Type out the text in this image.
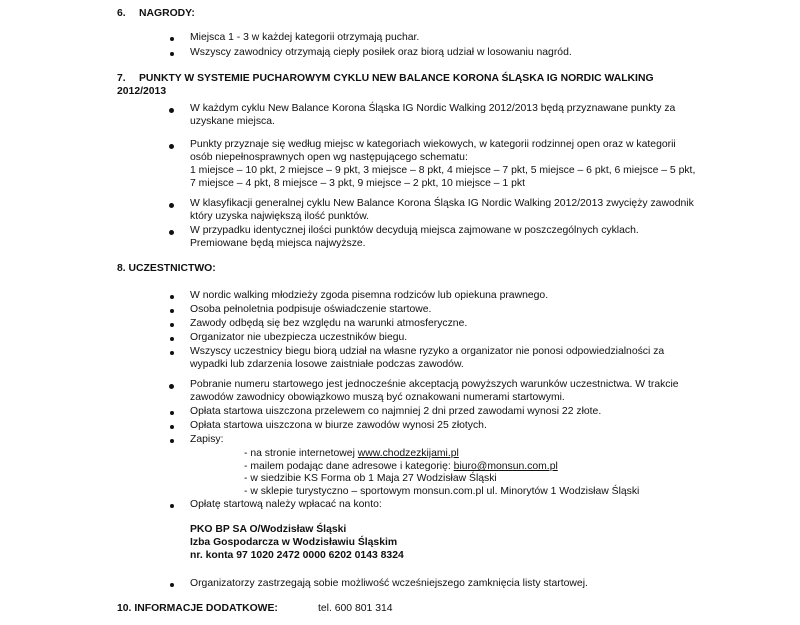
6. NAGRODY:
Miejsca 1 - 3 w każdej kategorii otrzymają puchar.
Wszyscy zawodnicy otrzymają ciepły posiłek oraz biorą udział w losowaniu nagród.
7. PUNKTY W SYSTEMIE PUCHAROWYM CYKLU NEW BALANCE KORONA ŚLĄSKA IG NORDIC WALKING
2012/2013
W każdym cyklu New Balance Korona Śląska IG Nordic Walking 2012/2013 będą przyznawane punkty za
uzyskane miejsca.
Punkty przyznaje się według miejsc w kategoriach wiekowych, w kategorii rodzinnej open oraz w kategorii
osób niepełnosprawnych open wg następującego schematu:
1 miejsce – 10 pkt, 2 miejsce – 9 pkt, 3 miejsce – 8 pkt, 4 miejsce – 7 pkt, 5 miejsce – 6 pkt, 6 miejsce – 5 pkt,
7 miejsce – 4 pkt, 8 miejsce – 3 pkt, 9 miejsce – 2 pkt, 10 miejsce – 1 pkt
W klasyfikacji generalnej cyklu New Balance Korona Śląska IG Nordic Walking 2012/2013 zwycięży zawodnik
który uzyska największą ilość punktów.
W przypadku identycznej ilości punktów decydują miejsca zajmowane w poszczególnych cyklach.
Premiowane będą miejsca najwyższe.
8. UCZESTNICTWO:
W nordic walking młodzieży zgoda pisemna rodziców lub opiekuna prawnego.
Osoba pełnoletnia podpisuje oświadczenie startowe.
Zawody odbędą się bez względu na warunki atmosferyczne.
Organizator nie ubezpiecza uczestników biegu.
Wszyscy uczestnicy biegu biorą udział na własne ryzyko a organizator nie ponosi odpowiedzialności za
wypadki lub zdarzenia losowe zaistniałe podczas zawodów.
Pobranie numeru startowego jest jednocześnie akceptacją powyższych warunków uczestnictwa. W trakcie
zawodów zawodnicy obowiązkowo muszą być oznakowani numerami startowymi.
Opłata startowa uiszczona przelewem co najmniej 2 dni przed zawodami wynosi 22 złote.
Opłata startowa uiszczona w biurze zawodów wynosi 25 złotych.
Zapisy:
- na stronie internetowej www.chodzezkijami.pl
- mailem podając dane adresowe i kategorię: biuro@monsun.com.pl
- w siedzibie KS Forma ob 1 Maja 27 Wodzisław Śląski
- w sklepie turystyczno – sportowym monsun.com.pl ul. Minorytów 1 Wodzisław Śląski
Opłatę startową należy wpłacać na konto:
PKO BP SA O/Wodzisław Śląski
Izba Gospodarcza w Wodzisławiu Śląskim
nr. konta 97 1020 2472 0000 6202 0143 8324
Organizatorzy zastrzegają sobie możliwość wcześniejszego zamknięcia listy startowej.
10. INFORMACJE DODATKOWE:	tel. 600 801 314
